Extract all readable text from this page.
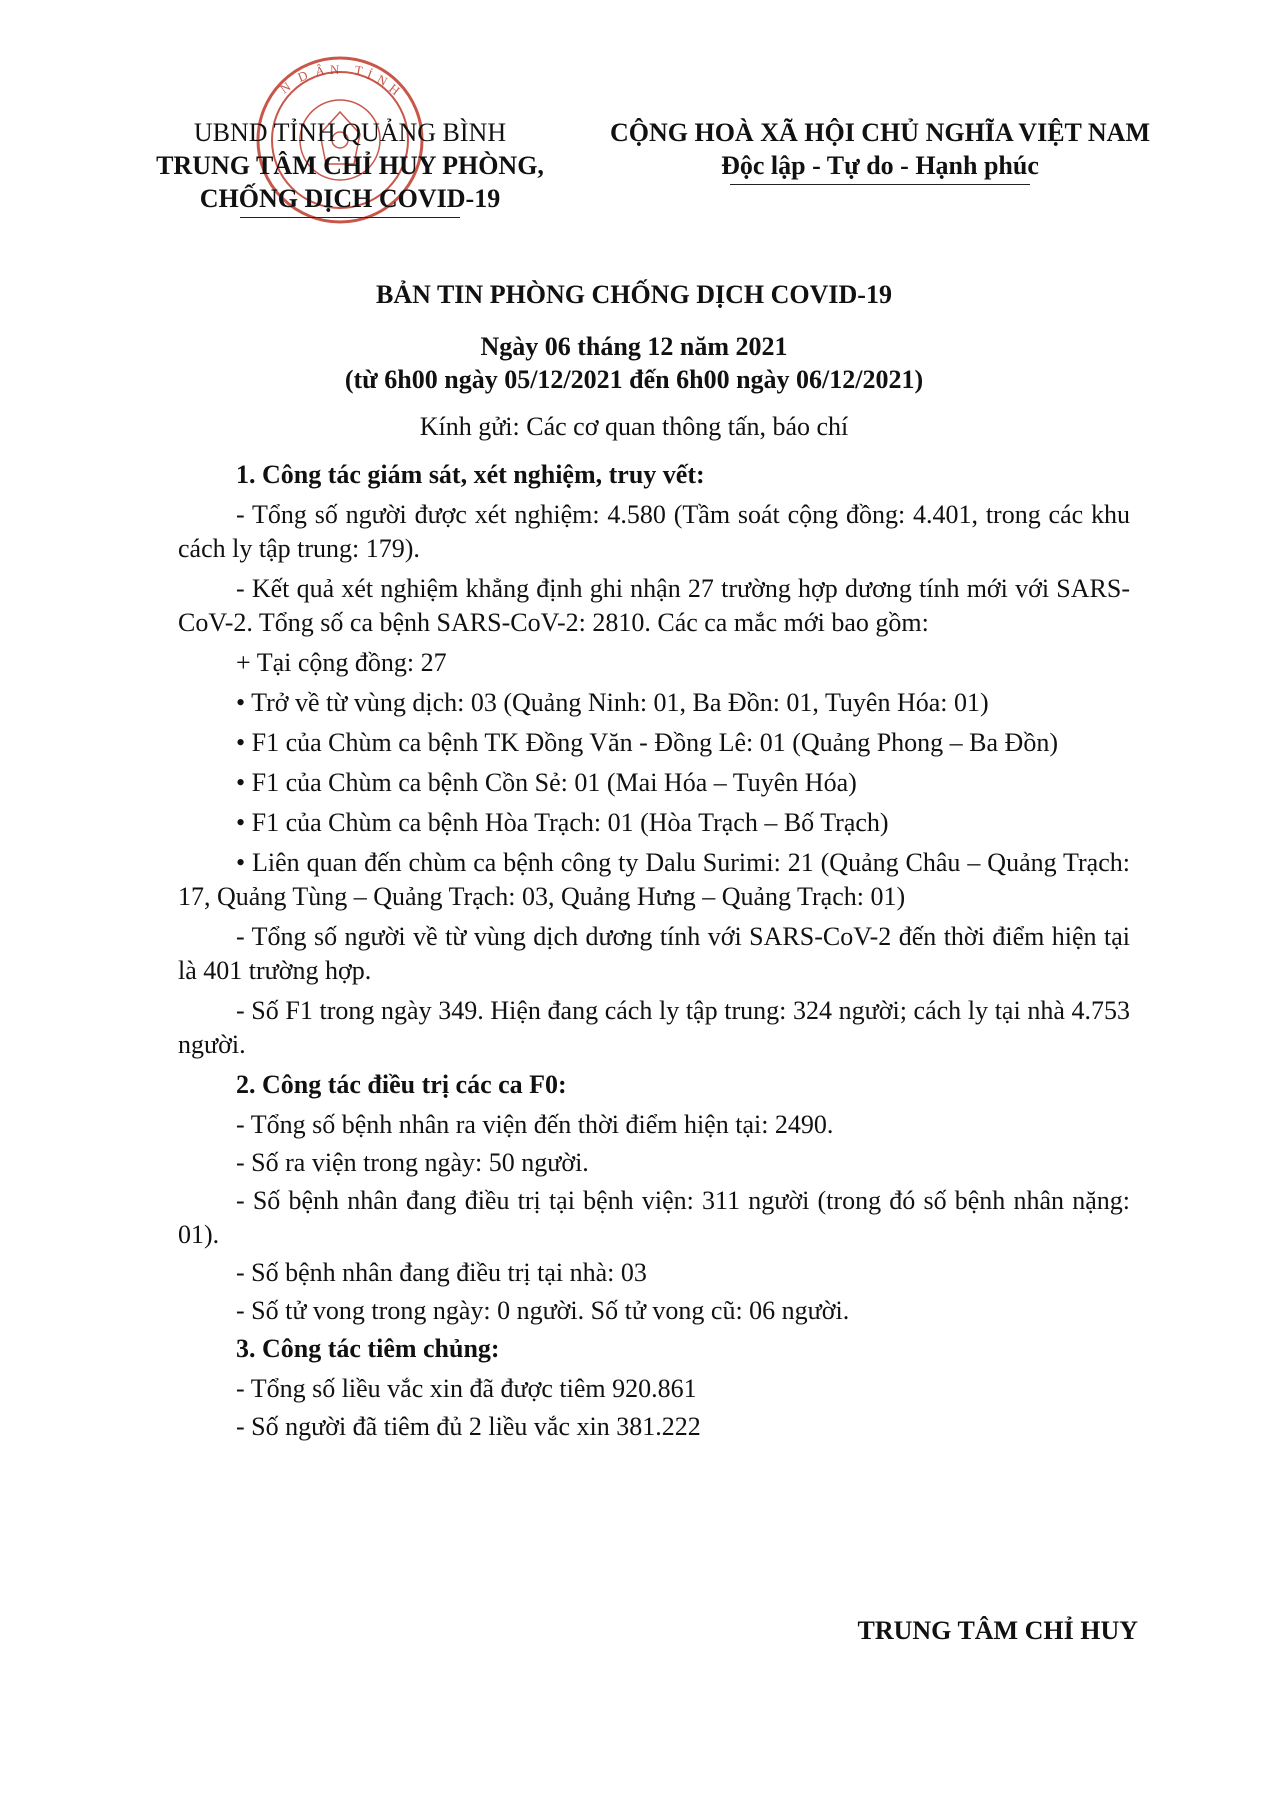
N
D Â N T Ỉ N
H
UBND TỈNH QUẢNG BÌNH
TRUNG TÂM CHỈ HUY PHÒNG,
CHỐNG DỊCH COVID-19
CỘNG HOÀ XÃ HỘI CHỦ NGHĨA VIỆT NAM
Độc lập - Tự do - Hạnh phúc
BẢN TIN PHÒNG CHỐNG DỊCH COVID-19
Ngày 06 tháng 12 năm 2021
(từ 6h00 ngày 05/12/2021 đến 6h00 ngày 06/12/2021)
Kính gửi: Các cơ quan thông tấn, báo chí

1. Công tác giám sát, xét nghiệm, truy vết:

- Tổng số người được xét nghiệm: 4.580 (Tầm soát cộng đồng: 4.401, trong các khu cách ly tập trung: 179).

- Kết quả xét nghiệm khẳng định ghi nhận 27 trường hợp dương tính mới với SARS-CoV-2. Tổng số ca bệnh SARS-CoV-2: 2810. Các ca mắc mới bao gồm:

+ Tại cộng đồng: 27

• Trở về từ vùng dịch: 03 (Quảng Ninh: 01, Ba Đồn: 01, Tuyên Hóa: 01)

• F1 của Chùm ca bệnh TK Đồng Văn - Đồng Lê: 01 (Quảng Phong – Ba Đồn)

• F1 của Chùm ca bệnh Cồn Sẻ: 01 (Mai Hóa – Tuyên Hóa)

• F1 của Chùm ca bệnh Hòa Trạch: 01 (Hòa Trạch – Bố Trạch)

• Liên quan đến chùm ca bệnh công ty Dalu Surimi: 21 (Quảng Châu – Quảng Trạch: 17, Quảng Tùng – Quảng Trạch: 03, Quảng Hưng – Quảng Trạch: 01)

- Tổng số người về từ vùng dịch dương tính với SARS-CoV-2 đến thời điểm hiện tại là 401 trường hợp.

- Số F1 trong ngày 349. Hiện đang cách ly tập trung: 324 người; cách ly tại nhà 4.753 người.

2. Công tác điều trị các ca F0:

- Tổng số bệnh nhân ra viện đến thời điểm hiện tại: 2490.

- Số ra viện trong ngày: 50 người.

- Số bệnh nhân đang điều trị tại bệnh viện: 311 người (trong đó số bệnh nhân nặng: 01).

- Số bệnh nhân đang điều trị tại nhà: 03

- Số tử vong trong ngày: 0 người. Số tử vong cũ: 06 người.

3. Công tác tiêm chủng:

- Tổng số liều vắc xin đã được tiêm 920.861

- Số người đã tiêm đủ 2 liều vắc xin 381.222

TRUNG TÂM CHỈ HUY
